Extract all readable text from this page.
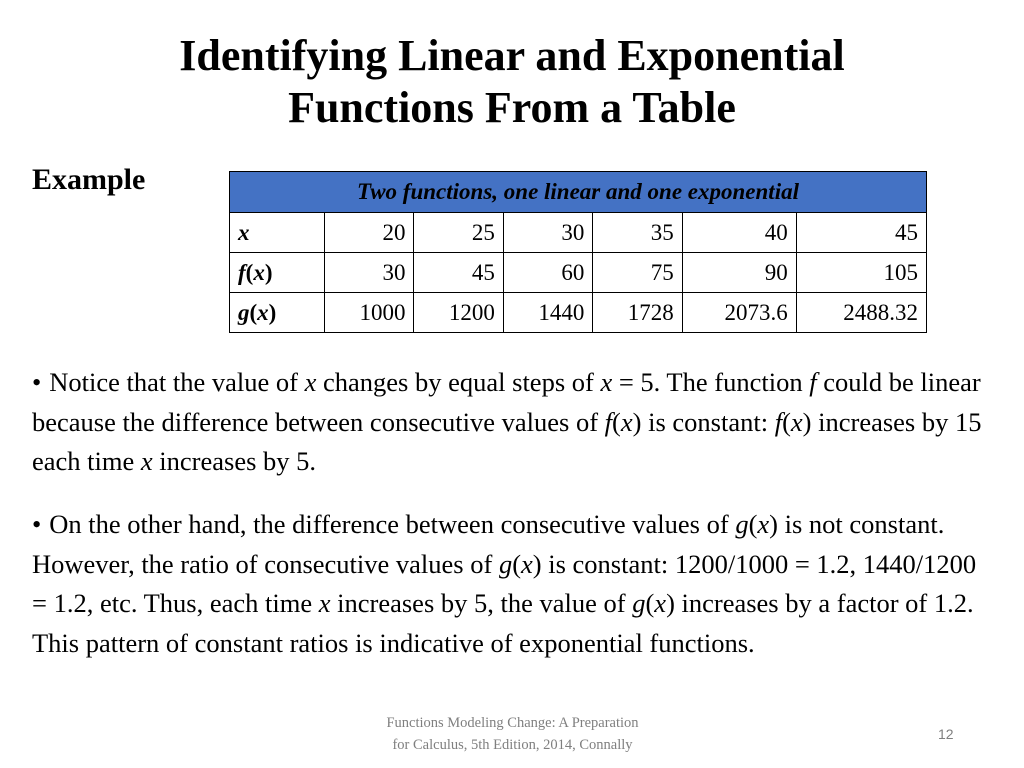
Identifying Linear and Exponential
Functions From a Table
Example	Two functions, one linear and one exponential						
x	20	25	30	35	40	45
f(x)	30	45	60	75	90	105
g(x)	1000	1200	1440	1728	2073.6	2488.32
• Notice that the value of x changes by equal steps of x = 5. The function f could be linear because the difference between consecutive values of f(x) is constant: f(x) increases by 15 each time x increases by 5.
• On the other hand, the difference between consecutive values of g(x) is not constant. However, the ratio of consecutive values of g(x) is constant: 1200/1000 = 1.2, 1440/1200 = 1.2, etc. Thus, each time x increases by 5, the value of g(x) increases by a factor of 1.2. This pattern of constant ratios is indicative of exponential functions.
Functions Modeling Change: A Preparation
for Calculus, 5th Edition, 2014, Connally
12
